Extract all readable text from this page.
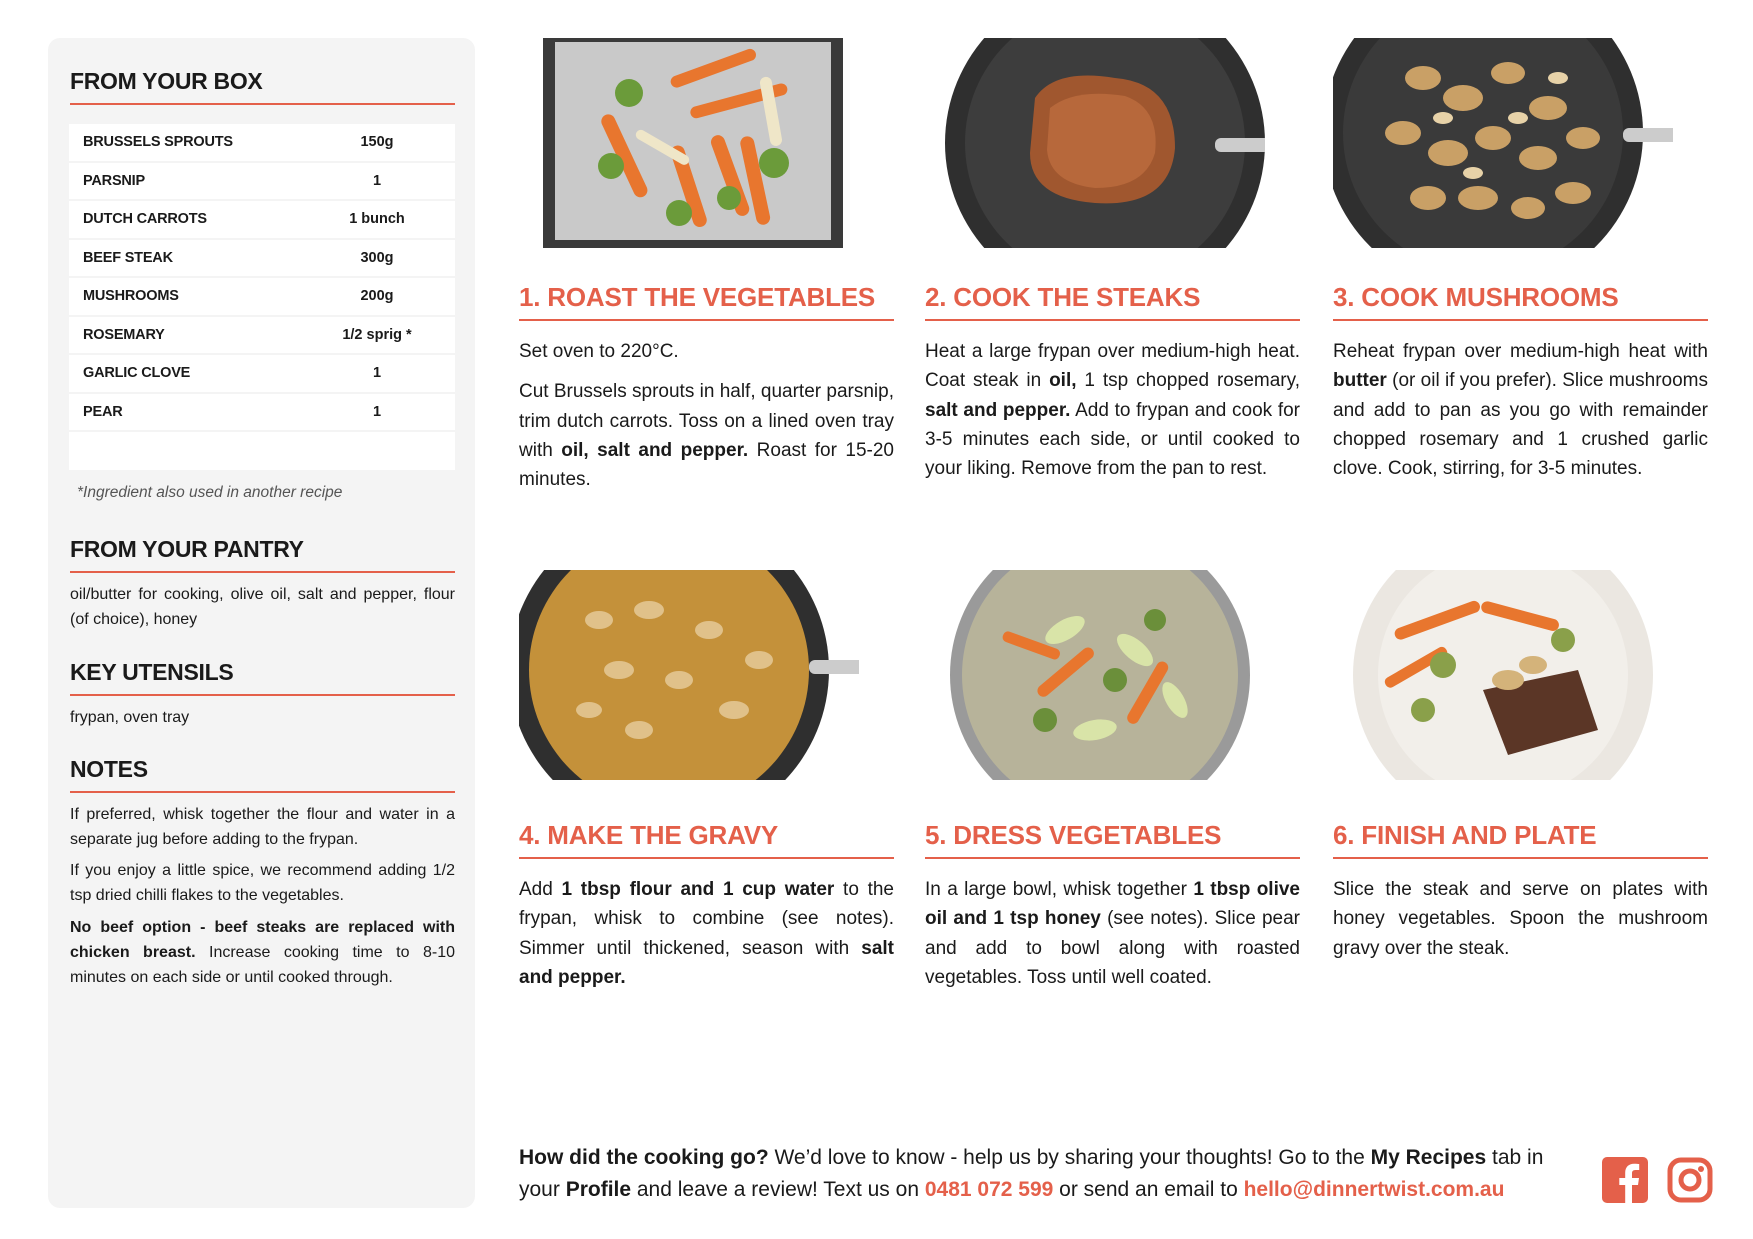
FROM YOUR BOX
BRUSSELS SPROUTS	150g
PARSNIP	1
DUTCH CARROTS	1 bunch
BEEF STEAK	300g
MUSHROOMS	200g
ROSEMARY	1/2 sprig *
GARLIC CLOVE	1
PEAR	1
*Ingredient also used in another recipe
FROM YOUR PANTRY
oil/butter for cooking, olive oil, salt and pepper, flour (of choice), honey
KEY UTENSILS
frypan, oven tray
NOTES
If preferred, whisk together the flour and water in a separate jug before adding to the frypan.
If you enjoy a little spice, we recommend adding 1/2 tsp dried chilli flakes to the vegetables.
No beef option - beef steaks are replaced with chicken breast. Increase cooking time to 8-10 minutes on each side or until cooked through.
1. ROAST THE VEGETABLES	2. COOK THE STEAKS	3. COOK MUSHROOMS
4. MAKE THE GRAVY	5. DRESS VEGETABLES	6. FINISH AND PLATE
Set oven to 220°C.
Cut Brussels sprouts in half, quarter parsnip, trim dutch carrots. Toss on a lined oven tray with oil, salt and pepper. Roast for 15-20 minutes.
Heat a large frypan over medium-high heat. Coat steak in oil, 1 tsp chopped rosemary, salt and pepper. Add to frypan and cook for 3-5 minutes each side, or until cooked to your liking. Remove from the pan to rest.
Reheat frypan over medium-high heat with butter (or oil if you prefer). Slice mushrooms and add to pan as you go with remainder chopped rosemary and 1 crushed garlic clove. Cook, stirring, for 3-5 minutes.
Add 1 tbsp flour and 1 cup water to the frypan, whisk to combine (see notes). Simmer until thickened, season with salt and pepper.
In a large bowl, whisk together 1 tbsp olive oil and 1 tsp honey (see notes). Slice pear and add to bowl along with roasted vegetables. Toss until well coated.
Slice the steak and serve on plates with honey vegetables. Spoon the mushroom gravy over the steak.
How did the cooking go? We’d love to know - help us by sharing your thoughts! Go to the My Recipes tab in your Profile and leave a review! Text us on 0481 072 599 or send an email to hello@dinnertwist.com.au
